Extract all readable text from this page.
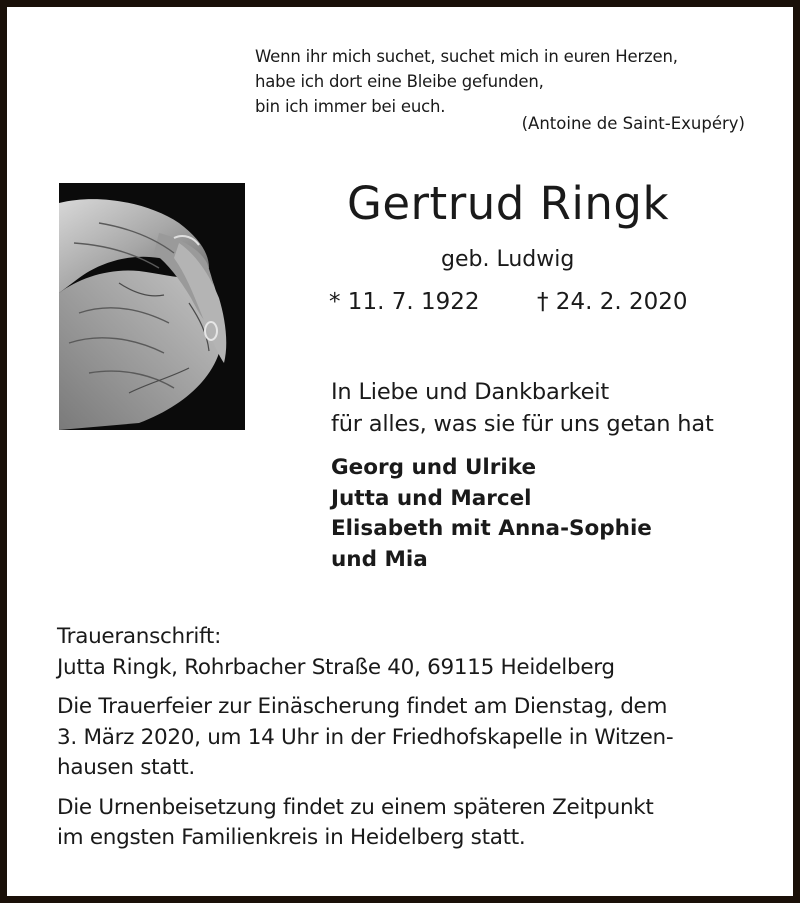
Wenn ihr mich suchet, suchet mich in euren Herzen,
habe ich dort eine Bleibe gefunden,
bin ich immer bei euch.
(Antoine de Saint-Exupéry)
Gertrud Ringk
geb. Ludwig
* 11. 7. 1922	† 24. 2. 2020
In Liebe und Dankbarkeit
für alles, was sie für uns getan hat
Georg und Ulrike
Jutta und Marcel
Elisabeth mit Anna-Sophie
und Mia
Traueranschrift:
Jutta Ringk, Rohrbacher Straße 40, 69115 Heidelberg
Die Trauerfeier zur Einäscherung findet am Dienstag, dem
3. März 2020, um 14 Uhr in der Friedhofskapelle in Witzen-
hausen statt.
Die Urnenbeisetzung findet zu einem späteren Zeitpunkt
im engsten Familienkreis in Heidelberg statt.
